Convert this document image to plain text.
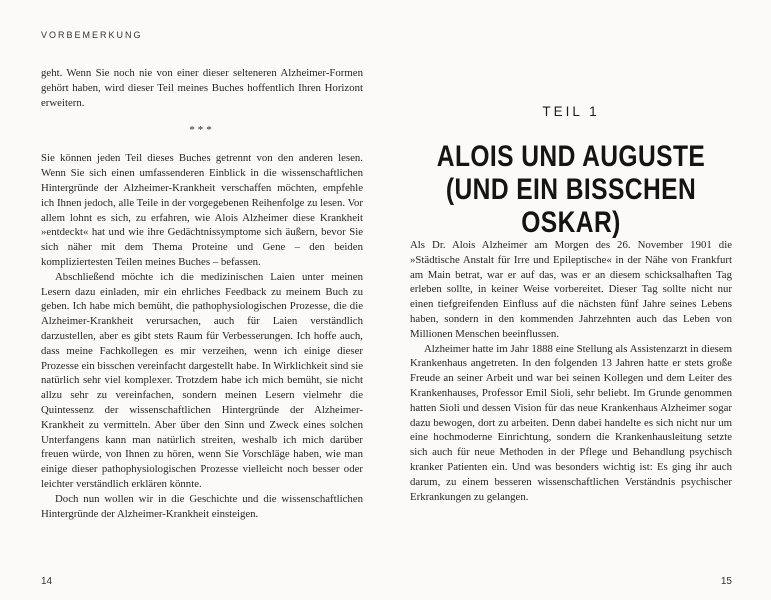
VORBEMERKUNG

geht. Wenn Sie noch nie von einer dieser selteneren Alzheimer-Formen gehört haben, wird dieser Teil meines Buches hoffentlich Ihren Horizont erweitern.

***

Sie können jeden Teil dieses Buches getrennt von den anderen lesen. Wenn Sie sich einen umfassenderen Einblick in die wissenschaftlichen Hintergründe der Alzheimer-Krankheit verschaffen möchten, empfehle ich Ihnen jedoch, alle Teile in der vorgegebenen Reihenfolge zu lesen. Vor allem lohnt es sich, zu erfahren, wie Alois Alzheimer diese Krankheit »entdeckt« hat und wie ihre Gedächtnissymptome sich äußern, bevor Sie sich näher mit dem Thema Proteine und Gene – den beiden kompliziertesten Teilen meines Buches – befassen.

Abschließend möchte ich die medizinischen Laien unter meinen Lesern dazu einladen, mir ein ehrliches Feedback zu meinem Buch zu geben. Ich habe mich bemüht, die pathophysiologischen Prozesse, die die Alzheimer-Krankheit verursachen, auch für Laien verständlich darzustellen, aber es gibt stets Raum für Verbesserungen. Ich hoffe auch, dass meine Fachkollegen es mir verzeihen, wenn ich einige dieser Prozesse ein bisschen vereinfacht dargestellt habe. In Wirklichkeit sind sie natürlich sehr viel komplexer. Trotzdem habe ich mich bemüht, sie nicht allzu sehr zu vereinfachen, sondern meinen Lesern vielmehr die Quintessenz der wissenschaftlichen Hintergründe der Alzheimer-Krankheit zu vermitteln. Aber über den Sinn und Zweck eines solchen Unterfangens kann man natürlich streiten, weshalb ich mich darüber freuen würde, von Ihnen zu hören, wenn Sie Vorschläge haben, wie man einige dieser pathophysiologischen Prozesse vielleicht noch besser oder leichter verständlich erklären könnte.

Doch nun wollen wir in die Geschichte und die wissenschaftlichen Hintergründe der Alzheimer-Krankheit einsteigen.

14
TEIL 1
ALOIS UND AUGUSTE (UND EIN BISSCHEN OSKAR)

Als Dr. Alois Alzheimer am Morgen des 26. November 1901 die »Städtische Anstalt für Irre und Epileptische« in der Nähe von Frankfurt am Main betrat, war er auf das, was er an diesem schicksalhaften Tag erleben sollte, in keiner Weise vorbereitet. Dieser Tag sollte nicht nur einen tiefgreifenden Einfluss auf die nächsten fünf Jahre seines Lebens haben, sondern in den kommenden Jahrzehnten auch das Leben von Millionen Menschen beeinflussen.

Alzheimer hatte im Jahr 1888 eine Stellung als Assistenzarzt in diesem Krankenhaus angetreten. In den folgenden 13 Jahren hatte er stets große Freude an seiner Arbeit und war bei seinen Kollegen und dem Leiter des Krankenhauses, Professor Emil Sioli, sehr beliebt. Im Grunde genommen hatten Sioli und dessen Vision für das neue Krankenhaus Alzheimer sogar dazu bewogen, dort zu arbeiten. Denn dabei handelte es sich nicht nur um eine hochmoderne Einrichtung, sondern die Krankenhausleitung setzte sich auch für neue Methoden in der Pflege und Behandlung psychisch kranker Patienten ein. Und was besonders wichtig ist: Es ging ihr auch darum, zu einem besseren wissenschaftlichen Verständnis psychischer Erkrankungen zu gelangen.

15
